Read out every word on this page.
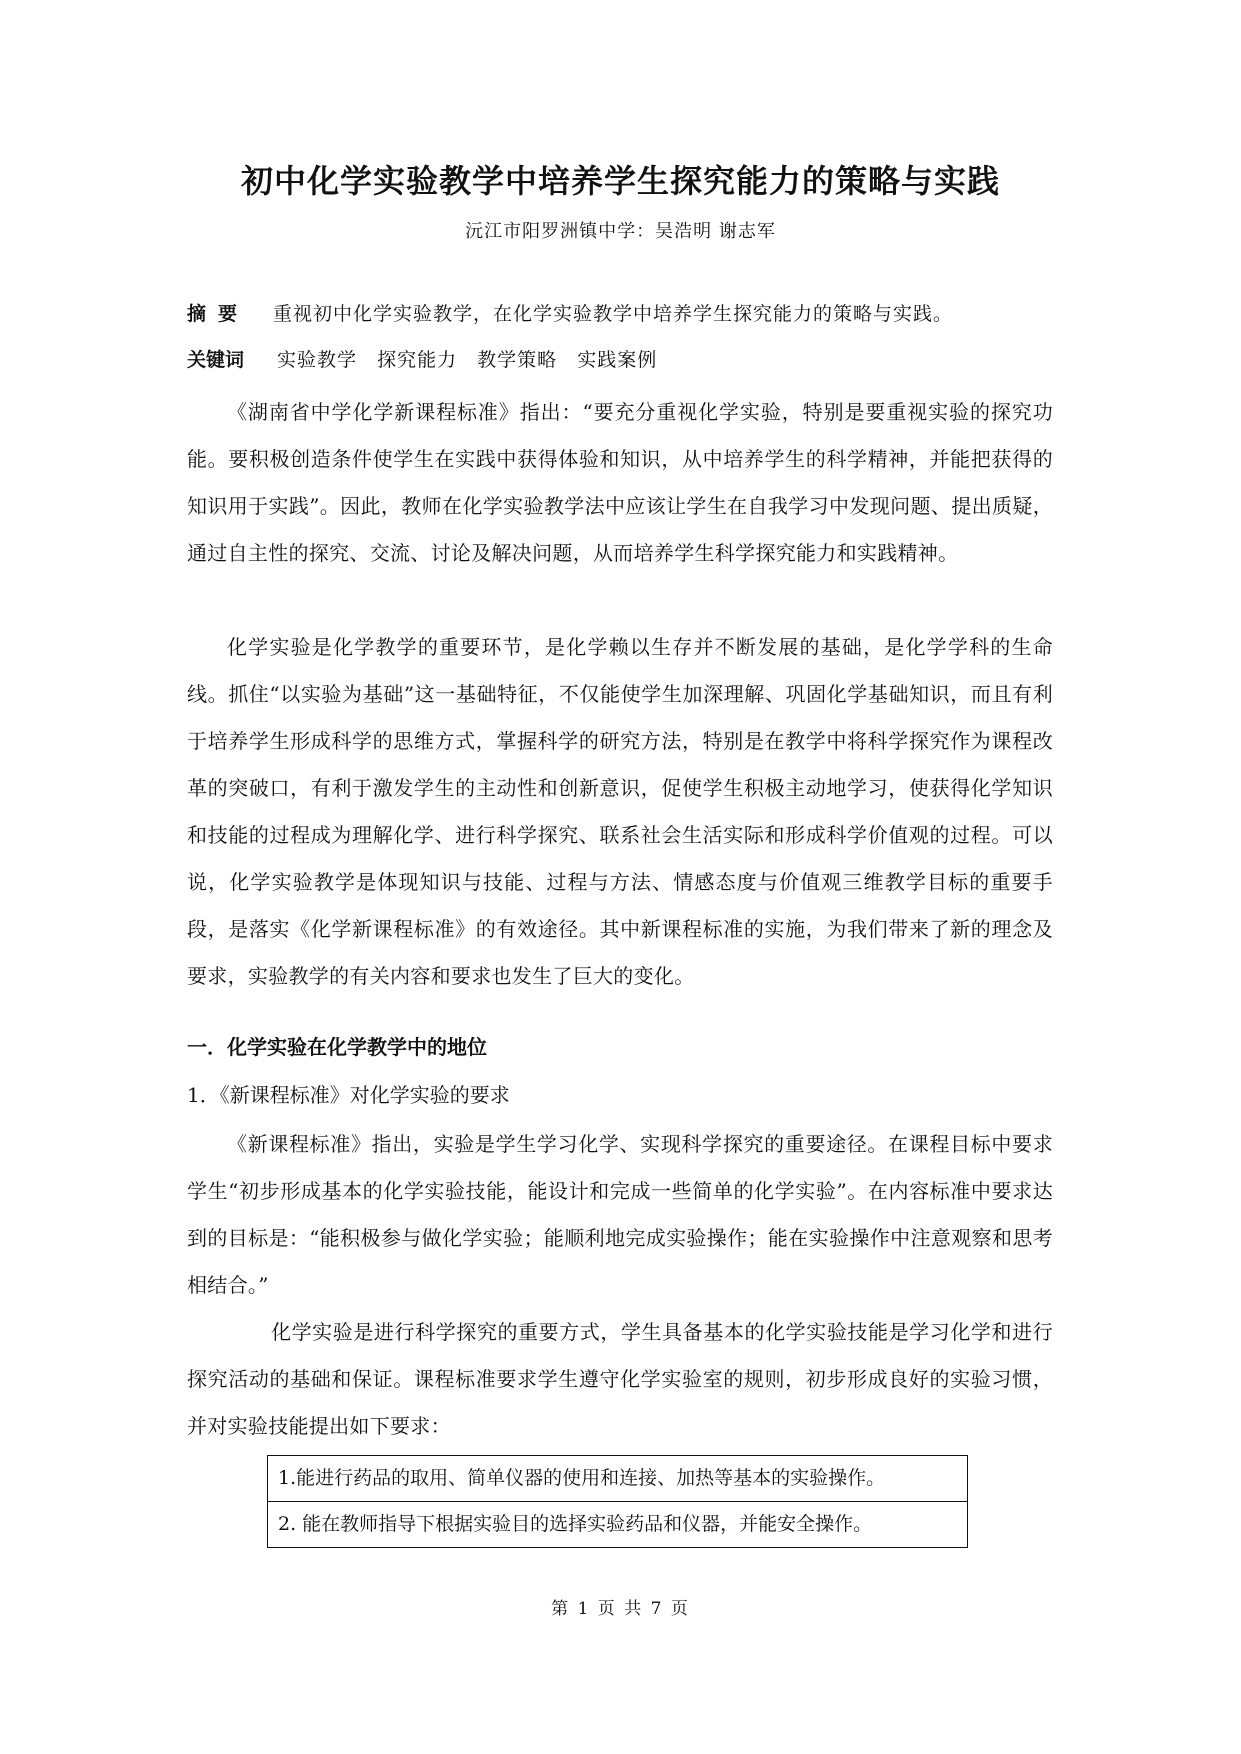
初中化学实验教学中培养学生探究能力的策略与实践
沅江市阳罗洲镇中学：吴浩明 谢志军
摘要 重视初中化学实验教学，在化学实验教学中培养学生探究能力的策略与实践。
关键词 实验教学 探究能力 教学策略 实践案例

《湖南省中学化学新课程标准》指出：“要充分重视化学实验，特别是要重视实验的探究功能。要积极创造条件使学生在实践中获得体验和知识，从中培养学生的科学精神，并能把获得的知识用于实践”。因此，教师在化学实验教学法中应该让学生在自我学习中发现问题、提出质疑，通过自主性的探究、交流、讨论及解决问题，从而培养学生科学探究能力和实践精神。

化学实验是化学教学的重要环节，是化学赖以生存并不断发展的基础，是化学学科的生命线。抓住“以实验为基础”这一基础特征，不仅能使学生加深理解、巩固化学基础知识，而且有利于培养学生形成科学的思维方式，掌握科学的研究方法，特别是在教学中将科学探究作为课程改革的突破口，有利于激发学生的主动性和创新意识，促使学生积极主动地学习，使获得化学知识和技能的过程成为理解化学、进行科学探究、联系社会生活实际和形成科学价值观的过程。可以说，化学实验教学是体现知识与技能、过程与方法、情感态度与价值观三维教学目标的重要手段，是落实《化学新课程标准》的有效途径。其中新课程标准的实施，为我们带来了新的理念及要求，实验教学的有关内容和要求也发生了巨大的变化。

一．化学实验在化学教学中的地位
1．《新课程标准》对化学实验的要求

《新课程标准》指出，实验是学生学习化学、实现科学探究的重要途径。在课程目标中要求学生“初步形成基本的化学实验技能，能设计和完成一些简单的化学实验”。在内容标准中要求达到的目标是：“能积极参与做化学实验；能顺利地完成实验操作；能在实验操作中注意观察和思考相结合。”

化学实验是进行科学探究的重要方式，学生具备基本的化学实验技能是学习化学和进行探究活动的基础和保证。课程标准要求学生遵守化学实验室的规则，初步形成良好的实验习惯，并对实验技能提出如下要求：

1.能进行药品的取用、简单仪器的使用和连接、加热等基本的实验操作。
2. 能在教师指导下根据实验目的选择实验药品和仪器，并能安全操作。
第 1 页 共 7 页
